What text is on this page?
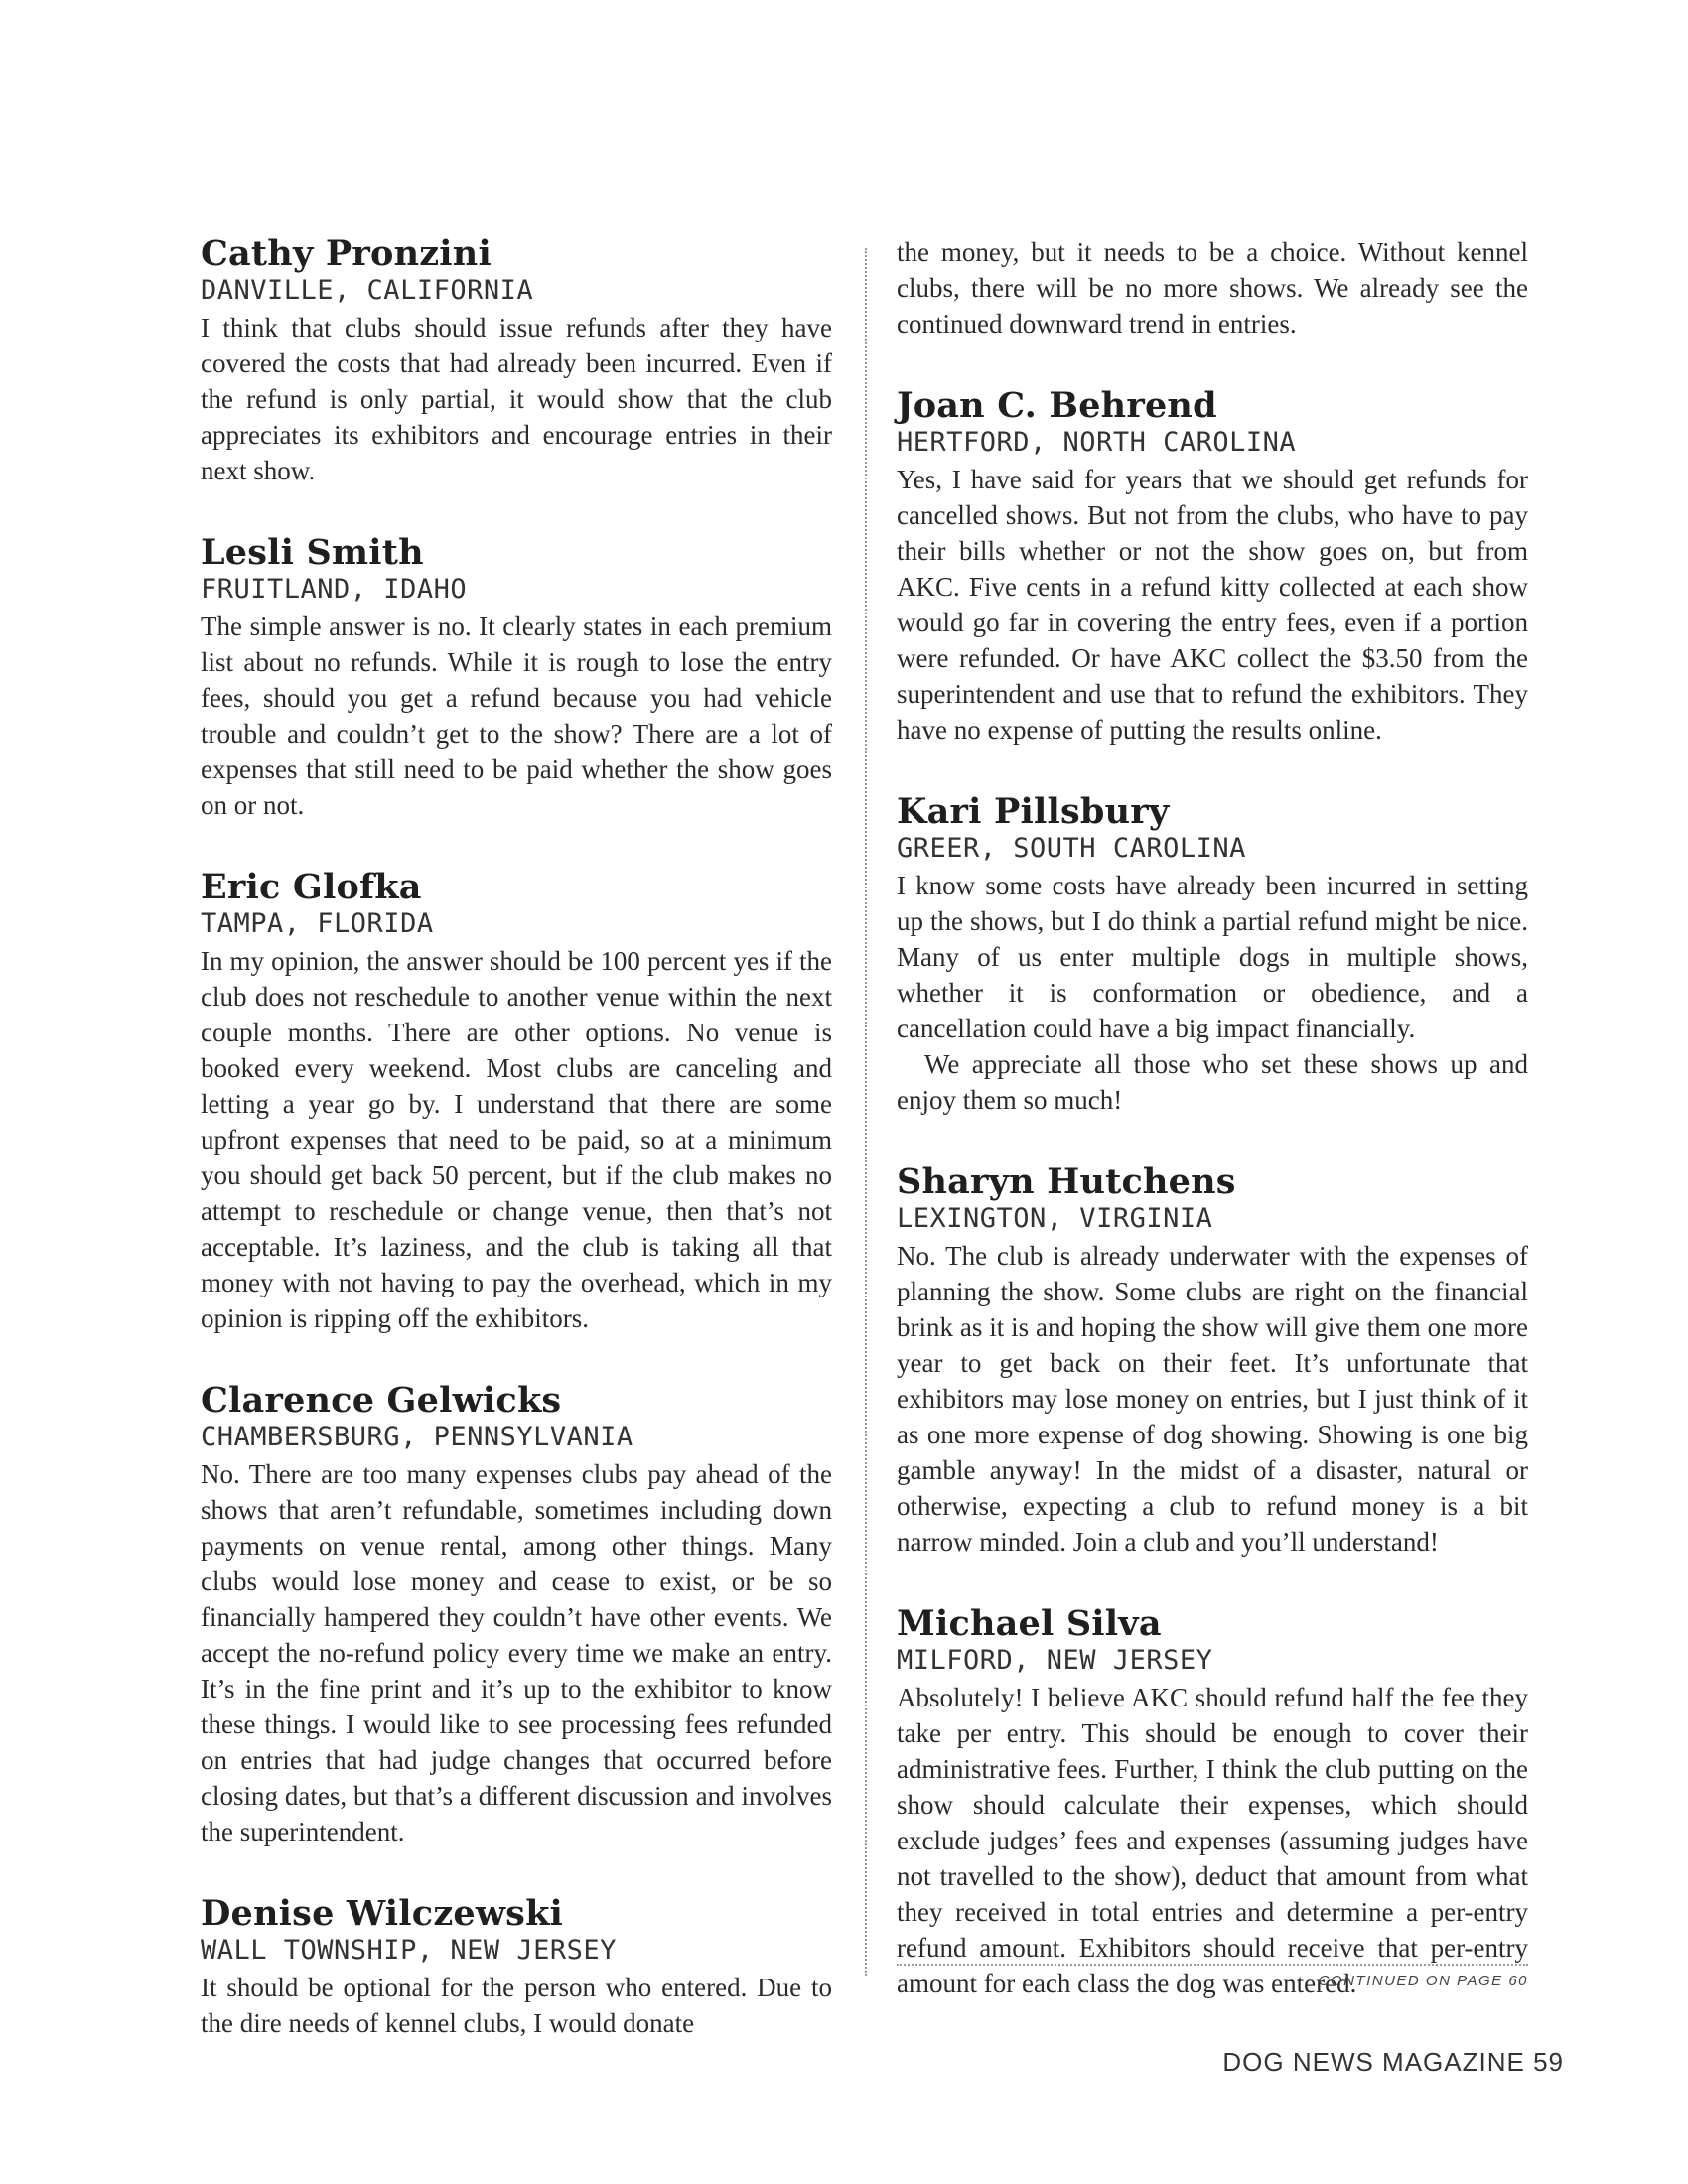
Cathy Pronzini
DANVILLE, CALIFORNIA

I think that clubs should issue refunds after they have covered the costs that had already been incurred. Even if the refund is only partial, it would show that the club appreciates its exhibitors and encourage entries in their next show.

Lesli Smith
FRUITLAND, IDAHO

The simple answer is no. It clearly states in each premium list about no refunds. While it is rough to lose the entry fees, should you get a refund because you had vehicle trouble and couldn’t get to the show? There are a lot of expenses that still need to be paid whether the show goes on or not.

Eric Glofka
TAMPA, FLORIDA

In my opinion, the answer should be 100 percent yes if the club does not reschedule to another venue within the next couple months. There are other options. No venue is booked every weekend. Most clubs are canceling and letting a year go by. I understand that there are some upfront expenses that need to be paid, so at a minimum you should get back 50 percent, but if the club makes no attempt to reschedule or change venue, then that’s not acceptable. It’s laziness, and the club is taking all that money with not having to pay the overhead, which in my opinion is ripping off the exhibitors.

Clarence Gelwicks
CHAMBERSBURG, PENNSYLVANIA

No. There are too many expenses clubs pay ahead of the shows that aren’t refundable, sometimes including down payments on venue rental, among other things. Many clubs would lose money and cease to exist, or be so financially hampered they couldn’t have other events. We accept the no-refund policy every time we make an entry. It’s in the fine print and it’s up to the exhibitor to know these things. I would like to see processing fees refunded on entries that had judge changes that occurred before closing dates, but that’s a different discussion and involves the superintendent.

Denise Wilczewski
WALL TOWNSHIP, NEW JERSEY

It should be optional for the person who entered. Due to the dire needs of kennel clubs, I would donate

the money, but it needs to be a choice. Without kennel clubs, there will be no more shows. We already see the continued downward trend in entries.

Joan C. Behrend
HERTFORD, NORTH CAROLINA

Yes, I have said for years that we should get refunds for cancelled shows. But not from the clubs, who have to pay their bills whether or not the show goes on, but from AKC. Five cents in a refund kitty collected at each show would go far in covering the entry fees, even if a portion were refunded. Or have AKC collect the $3.50 from the superintendent and use that to refund the exhibitors. They have no expense of putting the results online.

Kari Pillsbury
GREER, SOUTH CAROLINA

I know some costs have already been incurred in setting up the shows, but I do think a partial refund might be nice. Many of us enter multiple dogs in multiple shows, whether it is conformation or obedience, and a cancellation could have a big impact financially.

We appreciate all those who set these shows up and enjoy them so much!

Sharyn Hutchens
LEXINGTON, VIRGINIA

No. The club is already underwater with the expenses of planning the show. Some clubs are right on the financial brink as it is and hoping the show will give them one more year to get back on their feet. It’s unfortunate that exhibitors may lose money on entries, but I just think of it as one more expense of dog showing. Showing is one big gamble anyway! In the midst of a disaster, natural or otherwise, expecting a club to refund money is a bit narrow minded. Join a club and you’ll understand!

Michael Silva
MILFORD, NEW JERSEY

Absolutely! I believe AKC should refund half the fee they take per entry. This should be enough to cover their administrative fees. Further, I think the club putting on the show should calculate their expenses, which should exclude judges’ fees and expenses (assuming judges have not travelled to the show), deduct that amount from what they received in total entries and determine a per-entry refund amount. Exhibitors should receive that per-entry amount for each class the dog was entered.

CONTINUED ON PAGE 60
DOG NEWS MAGAZINE 59
